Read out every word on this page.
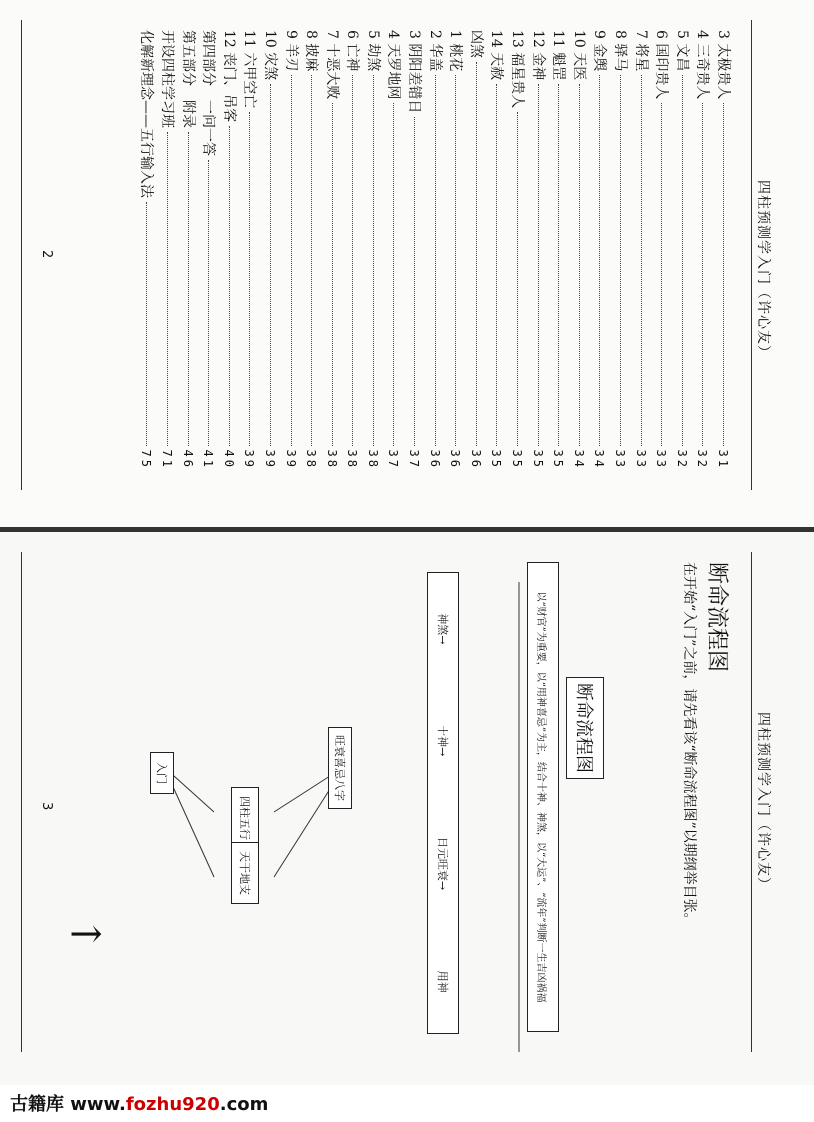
四柱预测学入门（许心友）
3 太极贵人
31
4 三奇贵人
32
5 文昌
32
6 国印贵人
33
7 将星
33
8 驿马
33
9 金舆
34
10 天医
34
11 魁罡
35
12 金神
35
13 福星贵人
35
14 天赦
35
凶煞
36
1 桃花
36
2 华盖
36
3 阴阳差错日
37
4 天罗地网
37
5 劫煞
38
6 亡神
38
7 十恶大败
38
8 披麻
38
9 羊刃
39
10 灾煞
39
11 六甲空亡
39
12 丧门、吊客
40
第四部分　一问一答
41
第五部分　附录
46
开设四柱学习班
71
化解新理念——五行输入法
75
2
四柱预测学入门（许心友）
断命流程图
在开始“入门”之前，请先看该“断命流程图”以期纲举目张。
断命流程图
以“财官”为重要，以“用神喜忌”为主，结合十神、神煞，以“大运”、“流年”判断一生吉凶祸福
神煞→
十神→
日元旺衰→
用神
旺衰喜忌八字
四柱五行
天干地支
入门
→
3
古籍库 www.fozhu920.com
